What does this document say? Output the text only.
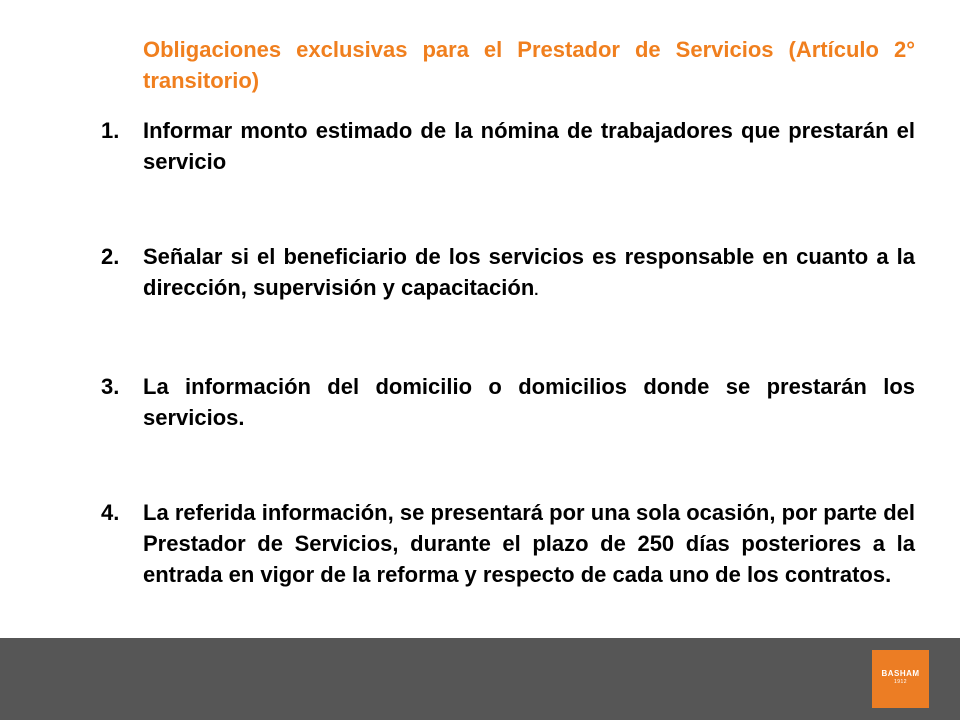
Obligaciones exclusivas para el Prestador de Servicios (Artículo 2° transitorio)
1.	Informar monto estimado de la nómina de trabajadores que prestarán el servicio
2.	Señalar si el beneficiario de los servicios es responsable en cuanto a la dirección, supervisión y capacitación.
3.	La información del domicilio o domicilios donde se prestarán los servicios.
4.	La referida información, se presentará por una sola ocasión, por parte del Prestador de Servicios, durante el plazo de 250 días posteriores a la entrada en vigor de la reforma y respecto de cada uno de los contratos.
BASHAM
1912
